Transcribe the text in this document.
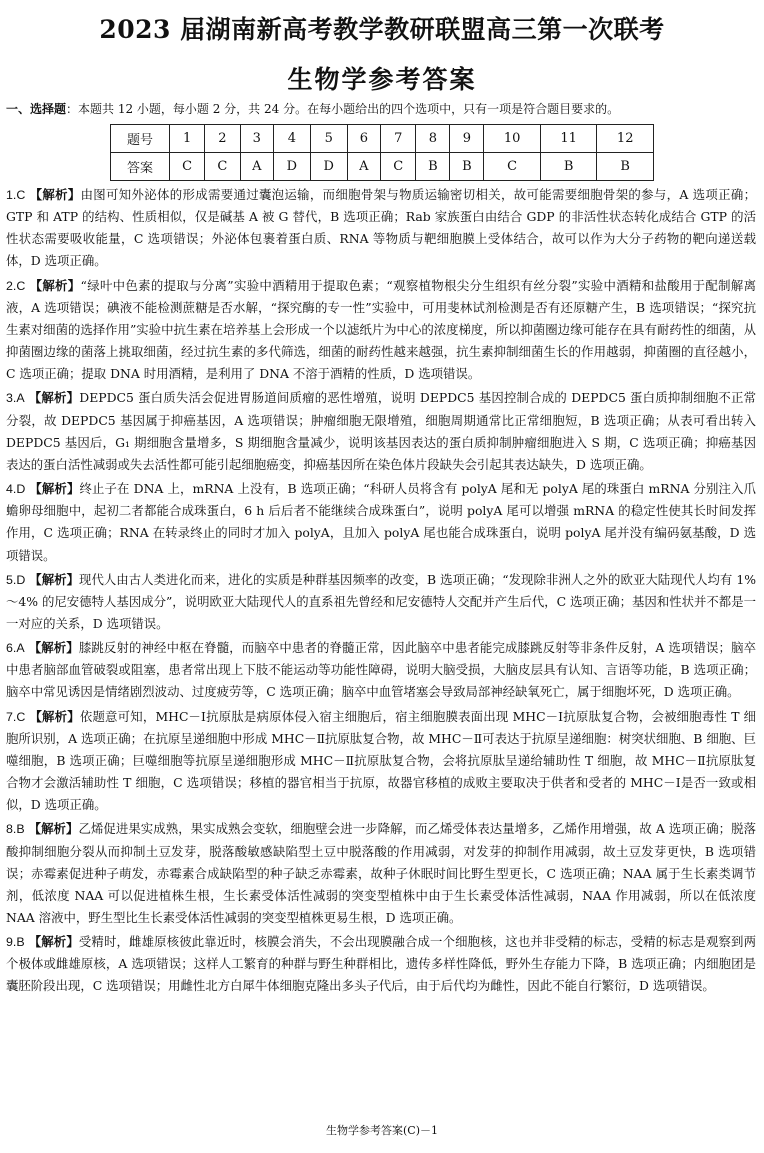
2023 届湖南新高考教学教研联盟高三第一次联考
生物学参考答案
一、选择题：本题共 12 小题，每小题 2 分，共 24 分。在每小题给出的四个选项中，只有一项是符合题目要求的。
题号	1	2	3	4	5	6	7	8	9	10	11	12
答案	C	C	A	D	D	A	C	B	B	C	B	B
1.C 【解析】由图可知外泌体的形成需要通过囊泡运输，而细胞骨架与物质运输密切相关，故可能需要细胞骨架的参与，A 选项正确；GTP 和 ATP 的结构、性质相似，仅是碱基 A 被 G 替代，B 选项正确；Rab 家族蛋白由结合 GDP 的非活性状态转化成结合 GTP 的活性状态需要吸收能量，C 选项错误；外泌体包裹着蛋白质、RNA 等物质与靶细胞膜上受体结合，故可以作为大分子药物的靶向递送载体，D 选项正确。
2.C 【解析】“绿叶中色素的提取与分离”实验中酒精用于提取色素；“观察植物根尖分生组织有丝分裂”实验中酒精和盐酸用于配制解离液，A 选项错误；碘液不能检测蔗糖是否水解，“探究酶的专一性”实验中，可用斐林试剂检测是否有还原糖产生，B 选项错误；“探究抗生素对细菌的选择作用”实验中抗生素在培养基上会形成一个以滤纸片为中心的浓度梯度，所以抑菌圈边缘可能存在具有耐药性的细菌，从抑菌圈边缘的菌落上挑取细菌，经过抗生素的多代筛选，细菌的耐药性越来越强，抗生素抑制细菌生长的作用越弱，抑菌圈的直径越小，C 选项正确；提取 DNA 时用酒精，是利用了 DNA 不溶于酒精的性质，D 选项错误。
3.A 【解析】DEPDC5 蛋白质失活会促进胃肠道间质瘤的恶性增殖，说明 DEPDC5 基因控制合成的 DEPDC5 蛋白质抑制细胞不正常分裂，故 DEPDC5 基因属于抑癌基因，A 选项错误；肿瘤细胞无限增殖，细胞周期通常比正常细胞短，B 选项正确；从表可看出转入 DEPDC5 基因后，G₁ 期细胞含量增多，S 期细胞含量减少，说明该基因表达的蛋白质抑制肿瘤细胞进入 S 期，C 选项正确；抑癌基因表达的蛋白活性减弱或失去活性都可能引起细胞癌变，抑癌基因所在染色体片段缺失会引起其表达缺失，D 选项正确。
4.D 【解析】终止子在 DNA 上，mRNA 上没有，B 选项正确；“科研人员将含有 polyA 尾和无 polyA 尾的珠蛋白 mRNA 分别注入爪蟾卵母细胞中，起初二者都能合成珠蛋白，6 h 后后者不能继续合成珠蛋白”，说明 polyA 尾可以增强 mRNA 的稳定性使其长时间发挥作用，C 选项正确；RNA 在转录终止的同时才加入 polyA，且加入 polyA 尾也能合成珠蛋白，说明 polyA 尾并没有编码氨基酸，D 选项错误。
5.D 【解析】现代人由古人类进化而来，进化的实质是种群基因频率的改变，B 选项正确；“发现除非洲人之外的欧亚大陆现代人均有 1%～4% 的尼安德特人基因成分”，说明欧亚大陆现代人的直系祖先曾经和尼安德特人交配并产生后代，C 选项正确；基因和性状并不都是一一对应的关系，D 选项错误。
6.A 【解析】膝跳反射的神经中枢在脊髓，而脑卒中患者的脊髓正常，因此脑卒中患者能完成膝跳反射等非条件反射，A 选项错误；脑卒中患者脑部血管破裂或阻塞，患者常出现上下肢不能运动等功能性障碍，说明大脑受损，大脑皮层具有认知、言语等功能，B 选项正确；脑卒中常见诱因是情绪剧烈波动、过度疲劳等，C 选项正确；脑卒中血管堵塞会导致局部神经缺氧死亡，属于细胞坏死，D 选项正确。
7.C 【解析】依题意可知，MHC－Ⅰ抗原肽是病原体侵入宿主细胞后，宿主细胞膜表面出现 MHC－Ⅰ抗原肽复合物，会被细胞毒性 T 细胞所识别，A 选项正确；在抗原呈递细胞中形成 MHC－Ⅱ抗原肽复合物，故 MHC－Ⅱ可表达于抗原呈递细胞：树突状细胞、B 细胞、巨噬细胞，B 选项正确；巨噬细胞等抗原呈递细胞形成 MHC－Ⅱ抗原肽复合物，会将抗原肽呈递给辅助性 T 细胞，故 MHC－Ⅱ抗原肽复合物才会激活辅助性 T 细胞，C 选项错误；移植的器官相当于抗原，故器官移植的成败主要取决于供者和受者的 MHC－Ⅰ是否一致或相似，D 选项正确。
8.B 【解析】乙烯促进果实成熟，果实成熟会变软，细胞壁会进一步降解，而乙烯受体表达量增多，乙烯作用增强，故 A 选项正确；脱落酸抑制细胞分裂从而抑制土豆发芽，脱落酸敏感缺陷型土豆中脱落酸的作用减弱，对发芽的抑制作用减弱，故土豆发芽更快，B 选项错误；赤霉素促进种子萌发，赤霉素合成缺陷型的种子缺乏赤霉素，故种子休眠时间比野生型更长，C 选项正确；NAA 属于生长素类调节剂，低浓度 NAA 可以促进植株生根，生长素受体活性减弱的突变型植株中由于生长素受体活性减弱，NAA 作用减弱，所以在低浓度 NAA 溶液中，野生型比生长素受体活性减弱的突变型植株更易生根，D 选项正确。
9.B 【解析】受精时，雌雄原核彼此靠近时，核膜会消失，不会出现膜融合成一个细胞核，这也并非受精的标志，受精的标志是观察到两个极体或雌雄原核，A 选项错误；这样人工繁育的种群与野生种群相比，遗传多样性降低，野外生存能力下降，B 选项正确；内细胞团是囊胚阶段出现，C 选项错误；用雌性北方白犀牛体细胞克隆出多头子代后，由于后代均为雌性，因此不能自行繁衍，D 选项错误。
生物学参考答案(C)－1
